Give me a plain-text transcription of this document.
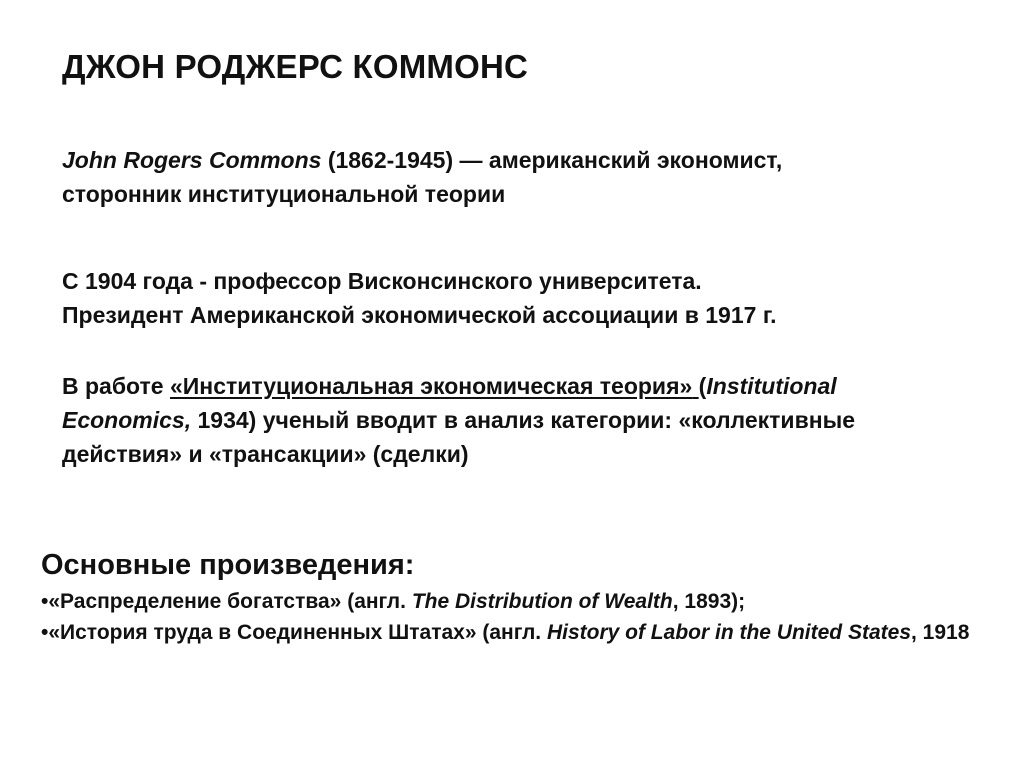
ДЖОН РОДЖЕРС КОММОНС
John Rogers Commons (1862-1945) — американский экономист,
сторонник институциональной теории
С 1904 года - профессор Висконсинского университета.
Президент Американской экономической ассоциации в 1917 г.
В работе «Институциональная экономическая теория» (Institutional Economics, 1934) ученый вводит в анализ категории: «коллективные действия» и «трансакции» (сделки)
Основные произведения:
•«Распределение богатства» (англ. The Distribution of Wealth, 1893);
•«История труда в Соединенных Штатах» (англ. History of Labor in the United States, 1918
